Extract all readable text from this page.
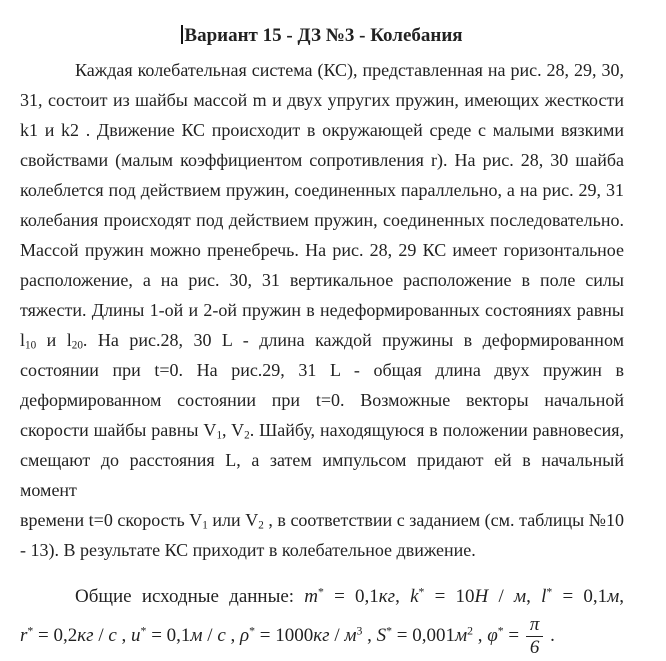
Вариант 15 - ДЗ №3 - Колебания
Каждая колебательная система (КС), представленная на рис. 28, 29, 30,
31, состоит из шайбы массой m и двух упругих пружин, имеющих жесткости
k1 и k2 . Движение КС происходит в окружающей среде с малыми вязкими
свойствами (малым коэффициентом сопротивления r). На рис. 28, 30 шайба
колеблется под действием пружин, соединенных параллельно, а на рис. 29, 31
колебания происходят под действием пружин, соединенных последовательно.
Массой пружин можно пренебречь. На рис. 28, 29 КС имеет горизонтальное
расположение, а на рис. 30, 31 вертикальное расположение в поле силы
тяжести. Длины 1-ой и 2-ой пружин в недеформированных состояниях равны
$l_{10}$ и $l_{20}$. На рис.28, 30 L - длина каждой пружины в деформированном
состоянии при t=0. На рис.29, 31 L - общая длина двух пружин в
деформированном состоянии при t=0. Возможные векторы начальной
скорости шайбы равны $V_1$, $V_2$. Шайбу, находящуюся в положении равновесия,
смещают до расстояния L, а затем импульсом придают ей в начальный момент
времени t=0 скорость $V_1$ или $V_2$ , в соответствии с заданием (см. таблицы №10
- 13). В результате КС приходит в колебательное движение.
Общие исходные данные: m* = 0,1кг, k* = 10Н / м, l* = 0,1м,
r* = 0,2кг / с , u* = 0,1м / с , $\rho^* = 1000кг / м^3$ , $S^* = 0,001м^2$ , $\varphi^* = \frac{\pi}{6}$ .
